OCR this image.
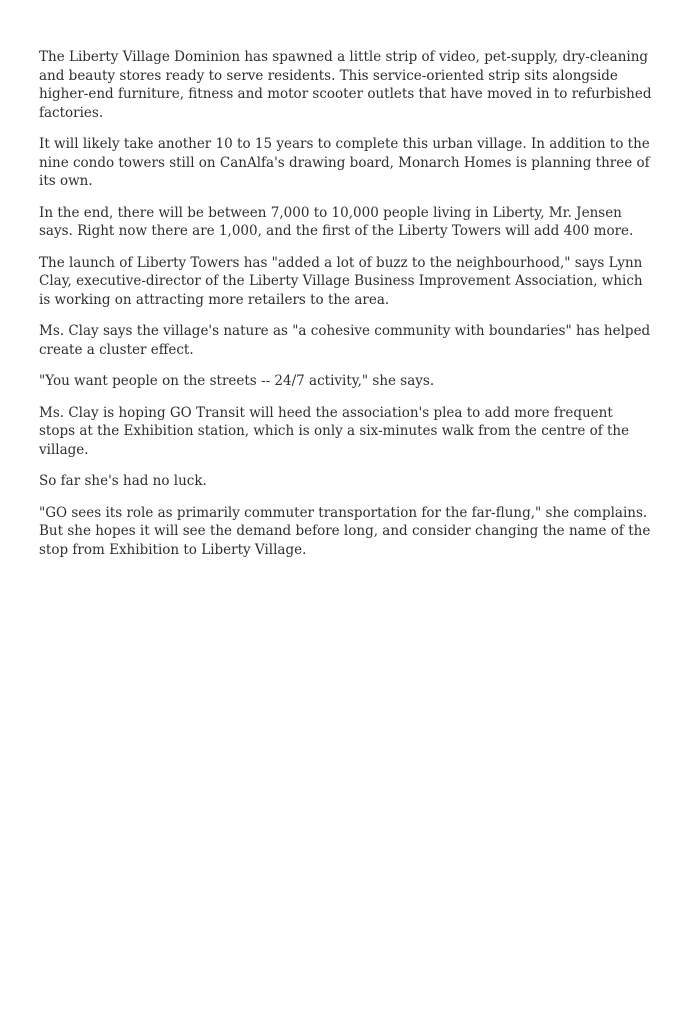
The Liberty Village Dominion has spawned a little strip of video, pet-supply, dry-cleaning and beauty stores ready to serve residents. This service-oriented strip sits alongside higher-end furniture, fitness and motor scooter outlets that have moved in to refurbished factories.

It will likely take another 10 to 15 years to complete this urban village. In addition to the nine condo towers still on CanAlfa's drawing board, Monarch Homes is planning three of its own.

In the end, there will be between 7,000 to 10,000 people living in Liberty, Mr. Jensen says. Right now there are 1,000, and the first of the Liberty Towers will add 400 more.

The launch of Liberty Towers has "added a lot of buzz to the neighbourhood," says Lynn Clay, executive-director of the Liberty Village Business Improvement Association, which is working on attracting more retailers to the area.

Ms. Clay says the village's nature as "a cohesive community with boundaries" has helped create a cluster effect.

"You want people on the streets -- 24/7 activity," she says.

Ms. Clay is hoping GO Transit will heed the association's plea to add more frequent stops at the Exhibition station, which is only a six-minutes walk from the centre of the village.

So far she's had no luck.

"GO sees its role as primarily commuter transportation for the far-flung," she complains. But she hopes it will see the demand before long, and consider changing the name of the stop from Exhibition to Liberty Village.
